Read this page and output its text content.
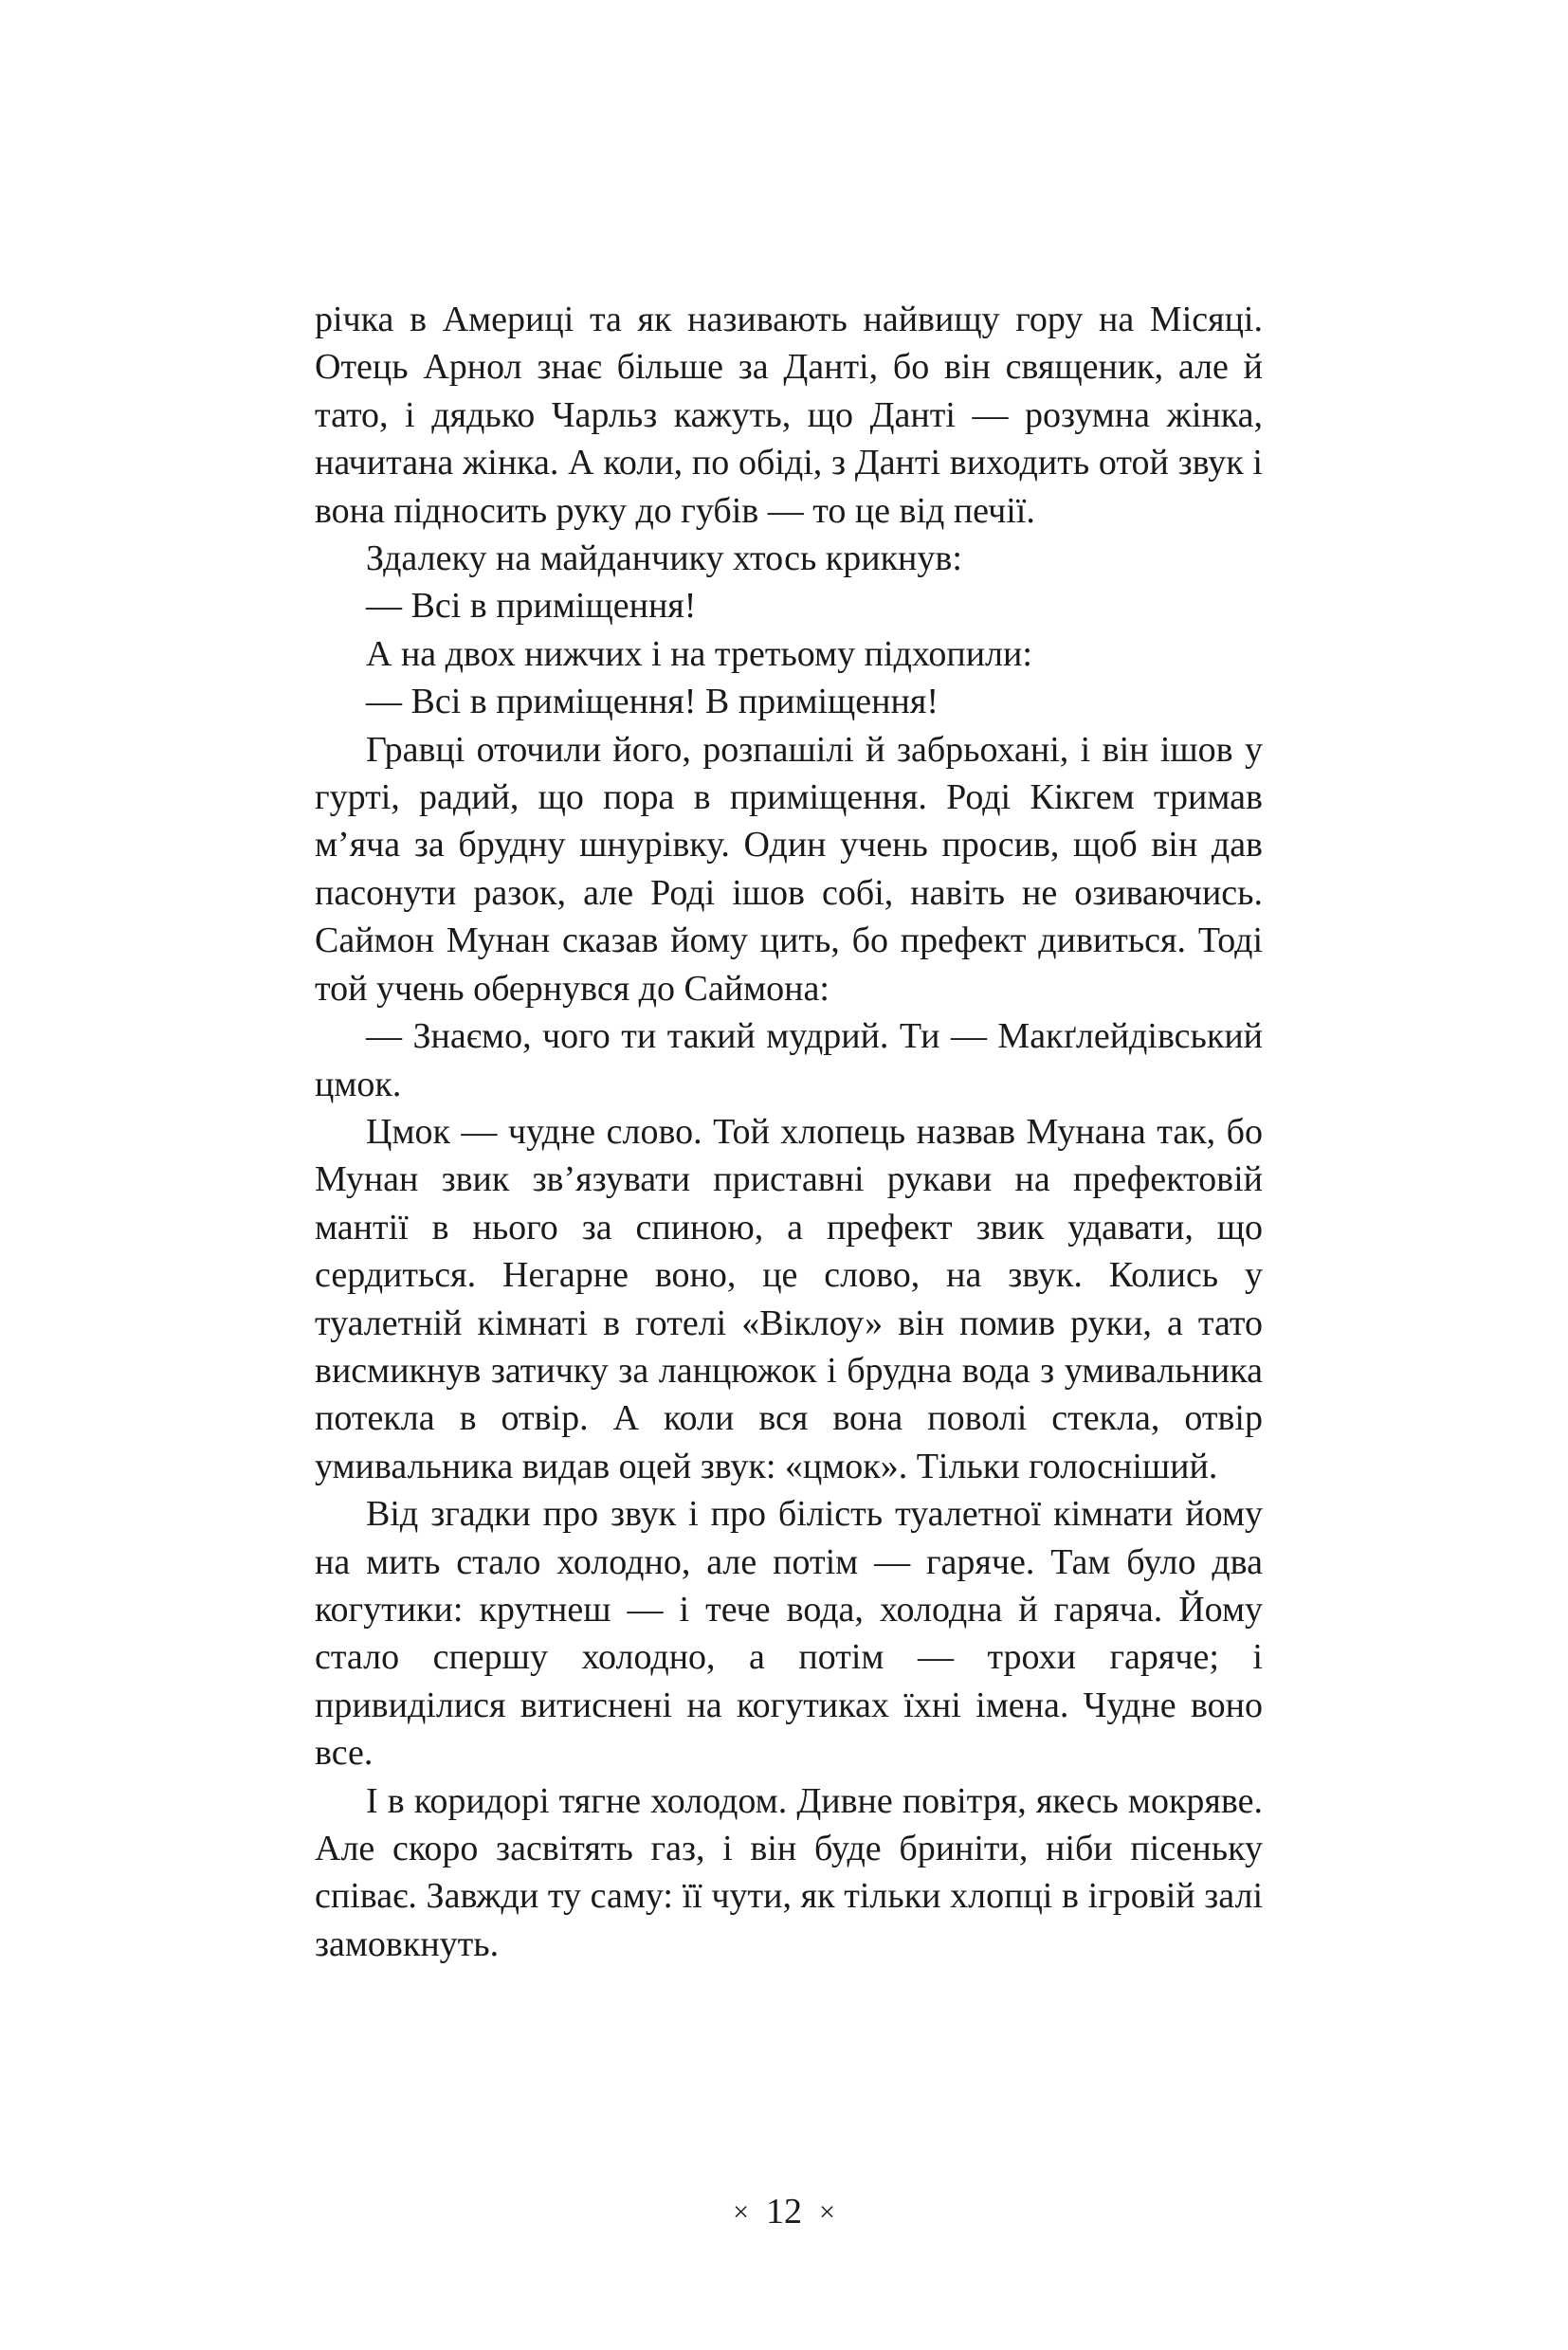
річка в Америці та як називають найвищу гору на Місяці. Отець Арнол знає більше за Данті, бо він священик, але й тато, і дядько Чарльз кажуть, що Данті — розумна жінка, начитана жінка. А коли, по обіді, з Данті виходить отой звук і вона підносить руку до губів — то це від печії.

Здалеку на майданчику хтось крикнув:

— Всі в приміщення!

А на двох нижчих і на третьому підхопили:

— Всі в приміщення! В приміщення!

Гравці оточили його, розпашілі й забрьохані, і він ішов у гурті, радий, що пора в приміщення. Роді Кікгем тримав м’яча за брудну шнурівку. Один учень просив, щоб він дав пасонути разок, але Роді ішов собі, навіть не озиваючись. Саймон Мунан сказав йому цить, бо префект дивиться. Тоді той учень обернувся до Саймона:

— Знаємо, чого ти такий мудрий. Ти — Макґлейдівський цмок.

Цмок — чудне слово. Той хлопець назвав Мунана так, бо Мунан звик зв’язувати приставні рукави на префектовій мантії в нього за спиною, а префект звик удавати, що сердиться. Негарне воно, це слово, на звук. Колись у туалетній кімнаті в готелі «Віклоу» він помив руки, а тато висмикнув затичку за ланцюжок і брудна вода з умивальника потекла в отвір. А коли вся вона поволі стекла, отвір умивальника видав оцей звук: «цмок». Тільки голосніший.

Від згадки про звук і про білість туалетної кімнати йому на мить стало холодно, але потім — гаряче. Там було два когутики: крутнеш — і тече вода, холодна й гаряча. Йому стало спершу холодно, а потім — трохи гаряче; і привиділися витиснені на когутиках їхні імена. Чудне воно все.

І в коридорі тягне холодом. Дивне повітря, якесь мокряве. Але скоро засвітять газ, і він буде бриніти, ніби пісеньку співає. Завжди ту саму: її чути, як тільки хлопці в ігровій залі замовкнуть.

× 12 ×
